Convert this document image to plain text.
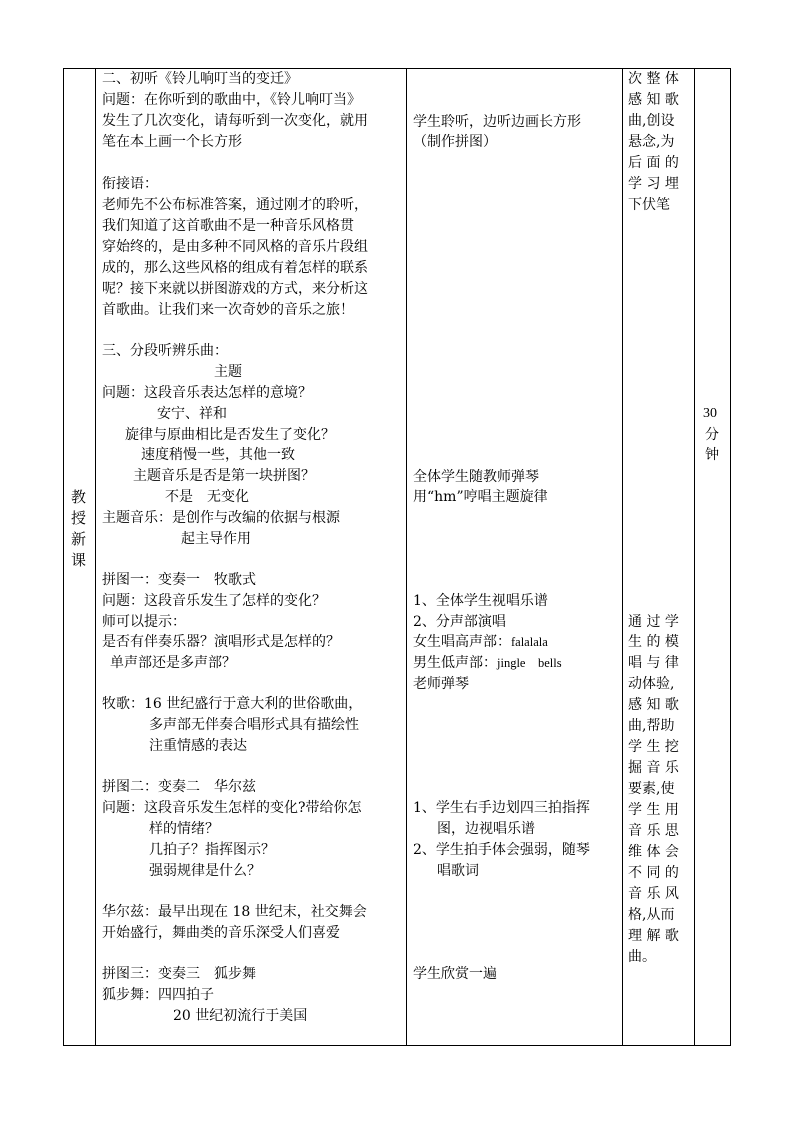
教
授
新
课
二、初听《铃儿响叮当的变迁》
问题：在你听到的歌曲中，《铃儿响叮当》
发生了几次变化，请每听到一次变化，就用
笔在本上画一个长方形
衔接语：
老师先不公布标准答案，通过刚才的聆听，
我们知道了这首歌曲不是一种音乐风格贯
穿始终的，是由多种不同风格的音乐片段组
成的，那么这些风格的组成有着怎样的联系
呢？接下来就以拼图游戏的方式，来分析这
首歌曲。让我们来一次奇妙的音乐之旅！
三、分段听辨乐曲：
主题
问题：这段音乐表达怎样的意境？
安宁、祥和
旋律与原曲相比是否发生了变化？
速度稍慢一些，其他一致
主题音乐是否是第一块拼图？
不是　无变化
主题音乐：是创作与改编的依据与根源
起主导作用
拼图一：变奏一　牧歌式
问题：这段音乐发生了怎样的变化？
师可以提示：
是否有伴奏乐器？演唱形式是怎样的？
单声部还是多声部？
牧歌：16 世纪盛行于意大利的世俗歌曲，
多声部无伴奏合唱形式具有描绘性
注重情感的表达
拼图二：变奏二　华尔兹
问题：这段音乐发生怎样的变化?带给你怎
样的情绪？
几拍子？指挥图示？
强弱规律是什么？
华尔兹：最早出现在 18 世纪末，社交舞会
开始盛行，舞曲类的音乐深受人们喜爱
拼图三：变奏三　狐步舞
狐步舞：四四拍子
20 世纪初流行于美国
学生聆听，边听边画长方形
（制作拼图）
全体学生随教师弹琴
用“hm”哼唱主题旋律
1、全体学生视唱乐谱
2、分声部演唱
女生唱高声部：falalala
男生低声部：jingle　bells
老师弹琴
1、学生右手边划四三拍指挥
图，边视唱乐谱
2、学生拍手体会强弱，随琴
唱歌词
学生欣赏一遍
次 整 体
感 知 歌
曲,创设
悬念,为
后 面 的
学 习 埋
下伏笔
通 过 学
生 的 模
唱 与 律
动体验,
感 知 歌
曲,帮助
学 生 挖
掘 音 乐
要素,使
学 生 用
音 乐 思
维 体 会
不 同 的
音 乐 风
格,从而
理 解 歌
曲。
30
分
钟
